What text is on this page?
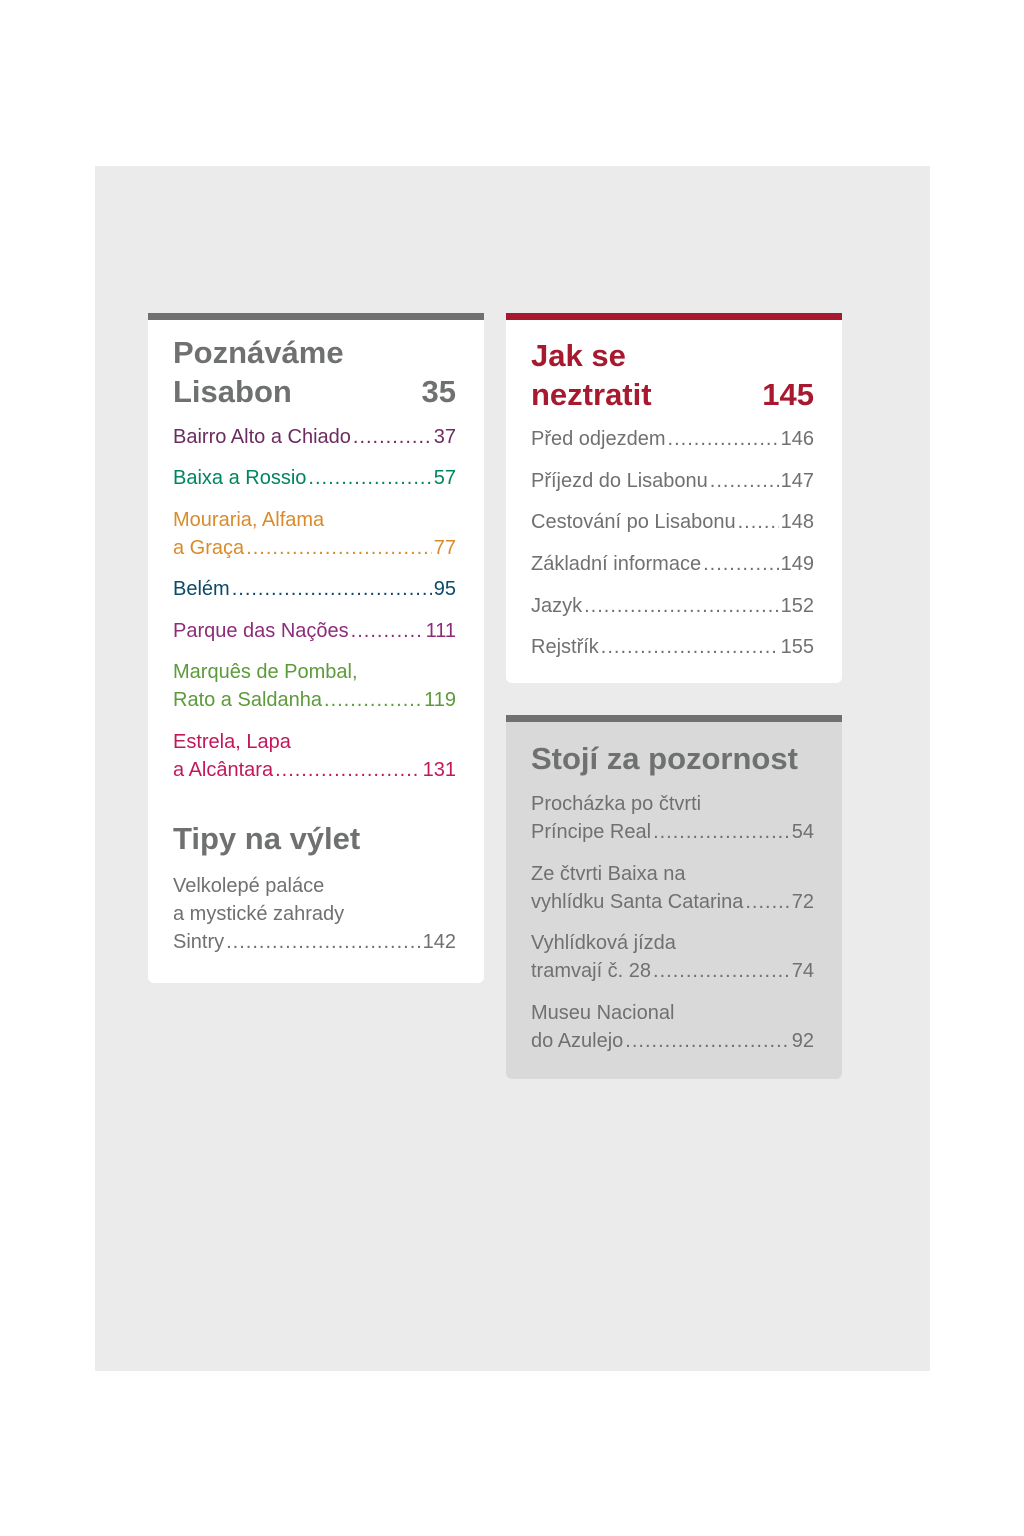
Poznáváme
Lisabon	35
Bairro Alto a Chiado .....	37
Baixa a Rossio .....	57
Mouraria, Alfama
a Graça .....	77
Belém .....	95
Parque das Nações .....	111
Marquês de Pombal,
Rato a Saldanha .....	119
Estrela, Lapa
a Alcântara .....	131
Tipy na výlet
Velkolepé paláce
a mystické zahrady
Sintry .....	142
Jak se
neztratit	145
Před odjezdem .....	146
Příjezd do Lisabonu .....	147
Cestování po Lisabonu ..... 148
Základní informace .....	149
Jazyk .....	152
Rejstřík .....	155
Stojí za pozornost
Procházka po čtvrti
Príncipe Real .....	54
Ze čtvrti Baixa na
vyhlídku Santa Catarina ..... 72
Vyhlídková jízda
tramvají č. 28 .....	74
Museu Nacional
do Azulejo .....	92
